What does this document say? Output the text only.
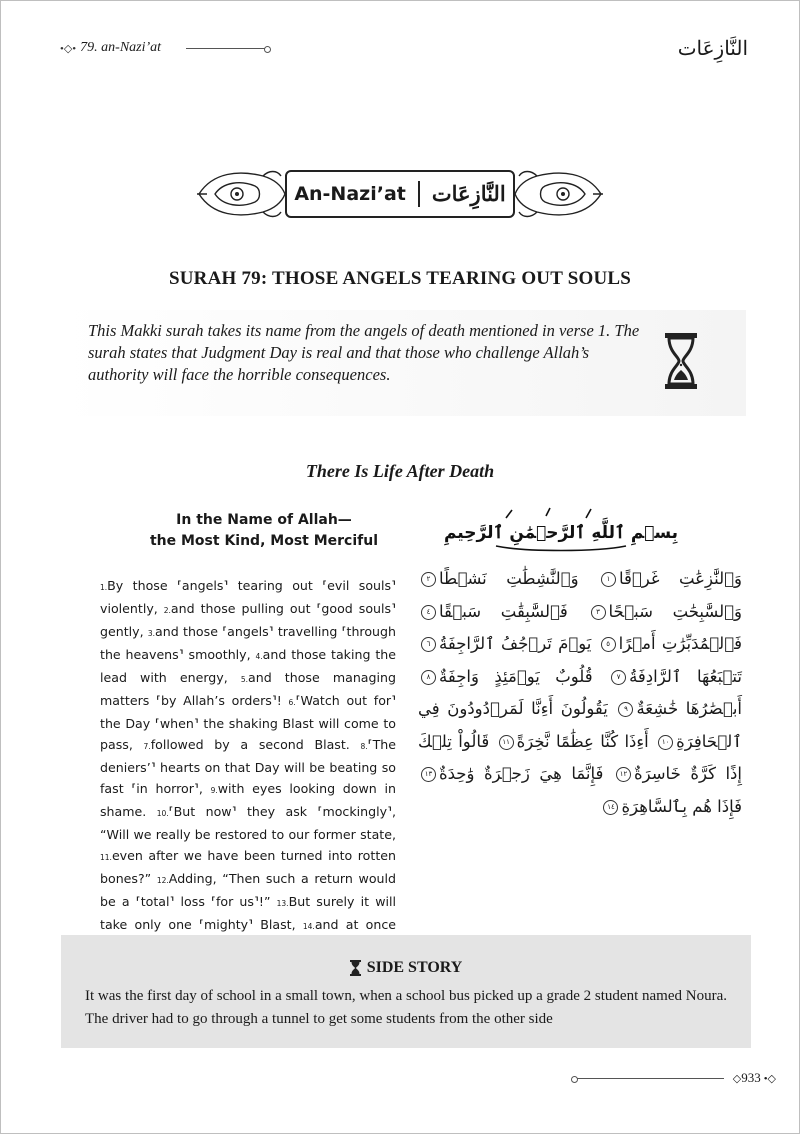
•◇• 79. an-Nazi’at	النَّازِعَات
An-Nazi’at النَّازِعَات
SURAH 79: THOSE ANGELS TEARING OUT SOULS
This Makki surah takes its name from the angels of death mentioned in verse 1. The surah states that Judgment Day is real and that those who challenge Allah’s authority will face the horrible consequences.
There Is Life After Death
In the Name of Allah—
the Most Kind, Most Merciful	بِسۡمِ ٱللَّهِ ٱلرَّحۡمَٰنِ ٱلرَّحِيمِ
1.By those ⸢angels⸣ tearing out ⸢evil souls⸣ violently, 2.and those pulling out ⸢good souls⸣ gently, 3.and those ⸢angels⸣ travelling ⸢through the heavens⸣ smoothly, 4.and those taking the lead with energy, 5.and those managing matters ⸢by Allah’s orders⸣! 6.⸢Watch out for⸣ the Day ⸢when⸣ the shaking Blast will come to pass, 7.followed by a second Blast. 8.⸢The deniers’⸣ hearts on that Day will be beating so fast ⸢in horror⸣, 9.with eyes looking down in shame. 10.⸢But now⸣ they ask ⸢mockingly⸣, “Will we really be restored to our former state, 11.even after we have been turned into rotten bones?” 12.Adding, “Then such a return would be a ⸢total⸣ loss ⸢for us⸣!” 13.But surely it will take only one ⸢mighty⸣ Blast, 14.and at once
وَٱلنَّٰزِعَٰتِ غَرۡقًا١ وَٱلنَّٰشِطَٰتِ نَشۡطًا٢ وَٱلسَّٰبِحَٰتِ سَبۡحًا٣ فَٱلسَّٰبِقَٰتِ سَبۡقًا٤ فَٱلۡمُدَبِّرَٰتِ أَمۡرًا٥ يَوۡمَ تَرۡجُفُ ٱلرَّاجِفَةُ٦ تَتۡبَعُهَا ٱلرَّادِفَةُ٧ قُلُوبٌ يَوۡمَئِذٍ وَاجِفَةٌ٨ أَبۡصَٰرُهَا خَٰشِعَةٌ٩ يَقُولُونَ أَءِنَّا لَمَرۡدُودُونَ فِي ٱلۡحَافِرَةِ١٠ أَءِذَا كُنَّا عِظَٰمًا نَّخِرَةً١١ قَالُواْ تِلۡكَ إِذًا كَرَّةٌ خَاسِرَةٌ١٢ فَإِنَّمَا هِيَ زَجۡرَةٌ وَٰحِدَةٌ١٣ فَإِذَا هُم بِٱلسَّاهِرَةِ١٤
SIDE STORY
It was the first day of school in a small town, when a school bus picked up a grade 2 student named Noura. The driver had to go through a tunnel to get some students from the other side
◇ 933 •◇
